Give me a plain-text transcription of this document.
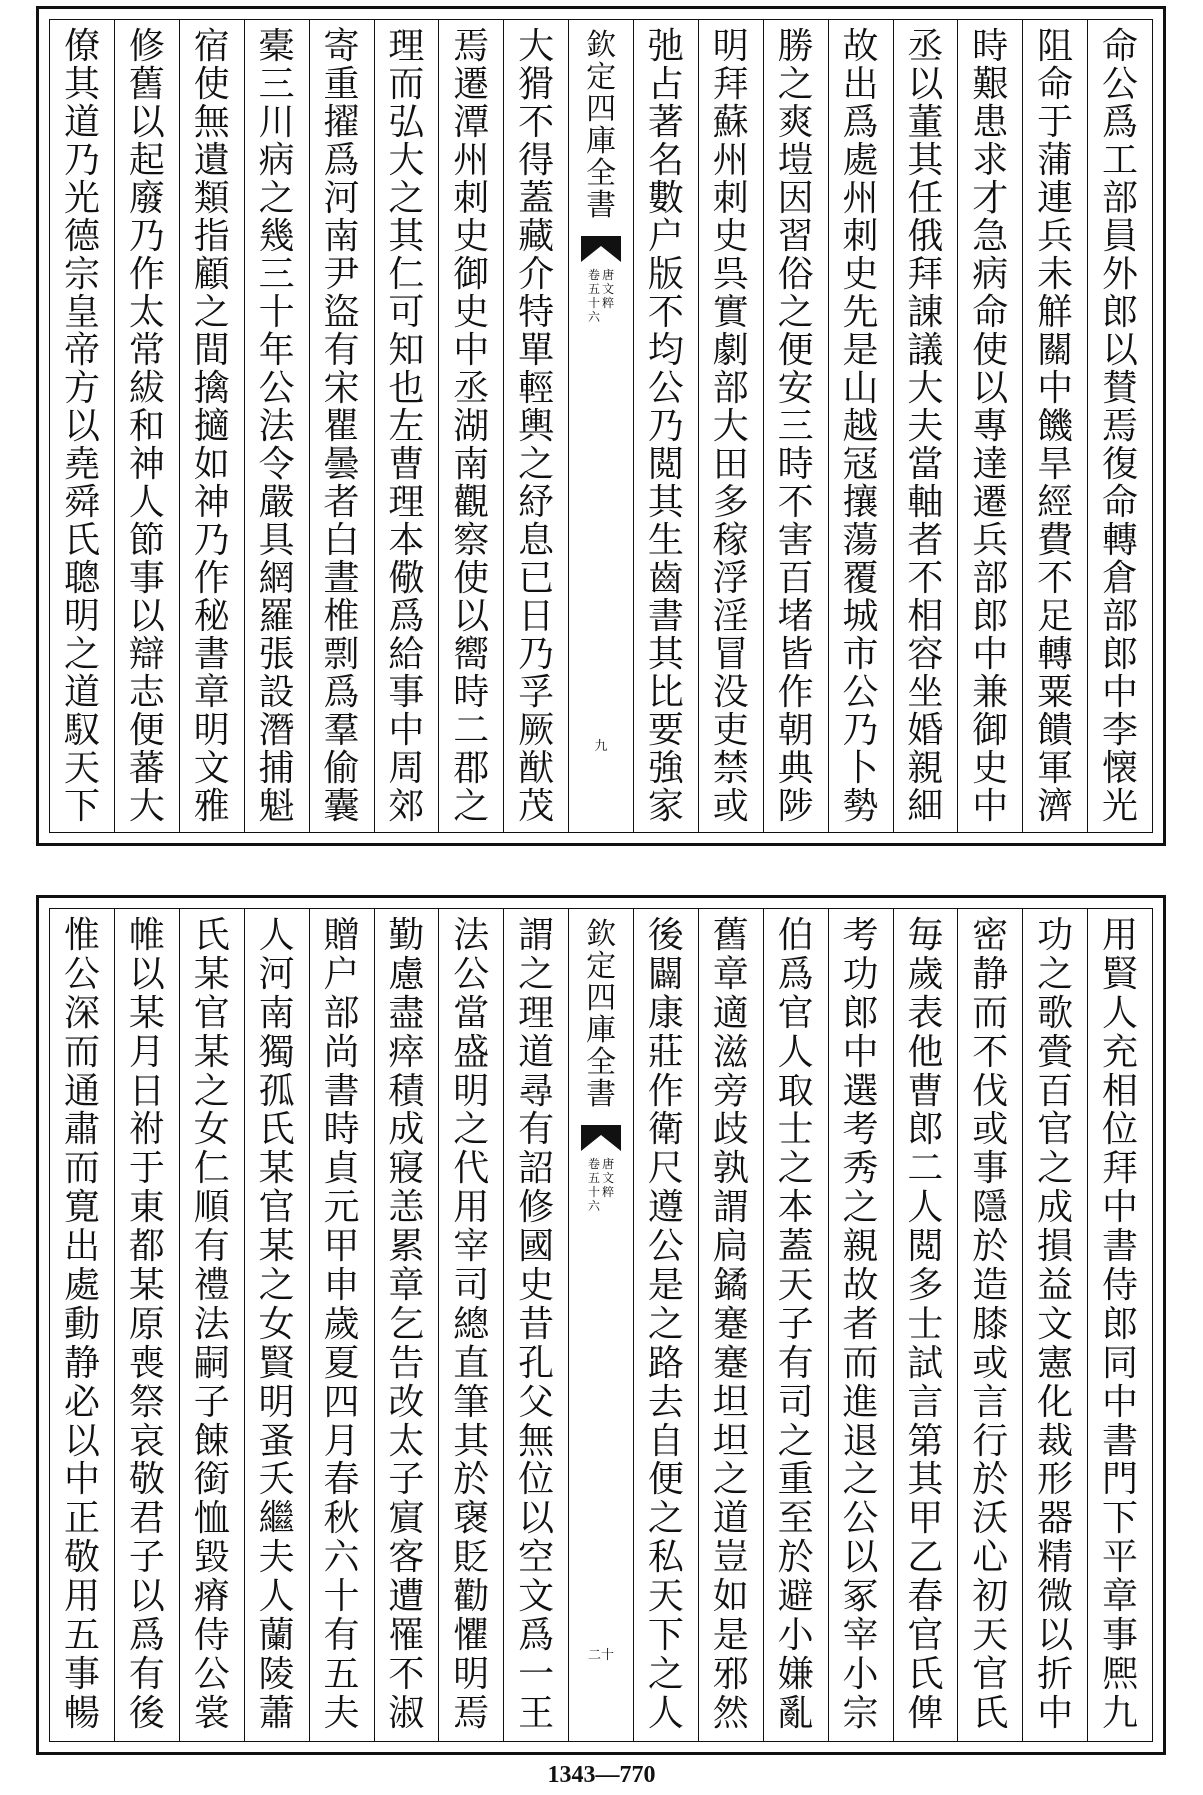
命
公
爲
工
部
員
外
郎
以
賛
焉
復
命
轉
倉
部
郎
中
李
懐
光
阻
命
于
蒲
連
兵
未
觧
關
中
饑
旱
經
費
不
足
轉
粟
饋
軍
濟
時
艱
患
求
才
急
病
命
使
以
專
達
遷
兵
部
郎
中
兼
御
史
中
丞
以
董
其
任
俄
拜
諌
議
大
夫
當
軸
者
不
相
容
坐
婚
親
細
故
出
爲
處
州
刺
史
先
是
山
越
冦
攘
蕩
覆
城
市
公
乃
卜
勢
勝
之
爽
塏
因
習
俗
之
便
安
三
時
不
害
百
堵
皆
作
朝
典
陟
明
拜
蘇
州
刺
史
呉
實
劇
部
大
田
多
稼
浮
淫
冒
没
吏
禁
或
弛
占
著
名
數
户
版
不
均
公
乃
閲
其
生
齒
書
其
比
要
強
家
欽
定
四
庫
全
書
唐
文
粹
卷
五
十
六
九
大
猾
不
得
蓋
藏
介
特
單
輕
輿
之
紓
息
已
日
乃
孚
厥
猷
茂
焉
遷
潭
州
刺
史
御
史
中
丞
湖
南
觀
察
使
以
嚮
時
二
郡
之
理
而
弘
大
之
其
仁
可
知
也
左
曹
理
本
儆
爲
給
事
中
周
郊
寄
重
擢
爲
河
南
尹
盜
有
宋
瞿
曇
者
白
晝
椎
剽
爲
羣
偷
囊
橐
三
川
病
之
幾
三
十
年
公
法
令
嚴
具
網
羅
張
設
潛
捕
魁
宿
使
無
遺
類
指
顧
之
間
擒
擿
如
神
乃
作
秘
書
章
明
文
雅
修
舊
以
起
廢
乃
作
太
常
紱
和
神
人
節
事
以
辯
志
便
蕃
大
僚
其
道
乃
光
德
宗
皇
帝
方
以
堯
舜
氏
聰
明
之
道
馭
天
下
用
賢
人
充
相
位
拜
中
書
侍
郎
同
中
書
門
下
平
章
事
熈
九
功
之
歌
賫
百
官
之
成
損
益
文
憲
化
裁
形
器
精
微
以
折
中
密
静
而
不
伐
或
事
隱
於
造
膝
或
言
行
於
沃
心
初
天
官
氏
毎
歲
表
他
曹
郎
二
人
閲
多
士
試
言
第
其
甲
乙
春
官
氏
俾
考
功
郎
中
選
考
秀
之
親
故
者
而
進
退
之
公
以
冢
宰
小
宗
伯
爲
官
人
取
士
之
本
蓋
天
子
有
司
之
重
至
於
避
小
嫌
亂
舊
章
適
滋
旁
歧
孰
謂
扃
鐍
蹇
蹇
坦
坦
之
道
豈
如
是
邪
然
後
闢
康
莊
作
衛
尺
遵
公
是
之
路
去
自
便
之
私
天
下
之
人
欽
定
四
庫
全
書
唐
文
粹
卷
五
十
六
二十
謂
之
理
道
尋
有
詔
修
國
史
昔
孔
父
無
位
以
空
文
爲
一
王
法
公
當
盛
明
之
代
用
宰
司
總
直
筆
其
於
襃
貶
勸
懼
明
焉
勤
慮
盡
瘁
積
成
寢
恙
累
章
乞
告
改
太
子
賔
客
遭
罹
不
淑
贈
户
部
尚
書
時
貞
元
甲
申
歲
夏
四
月
春
秋
六
十
有
五
夫
人
河
南
獨
孤
氏
某
官
某
之
女
賢
明
蚤
夭
繼
夫
人
蘭
陵
蕭
氏
某
官
某
之
女
仁
順
有
禮
法
嗣
子
餗
銜
恤
毀
瘠
侍
公
裳
帷
以
某
月
日
祔
于
東
都
某
原
喪
祭
哀
敬
君
子
以
爲
有
後
惟
公
深
而
通
肅
而
寛
出
處
動
静
必
以
中
正
敬
用
五
事
暢
1343—770
